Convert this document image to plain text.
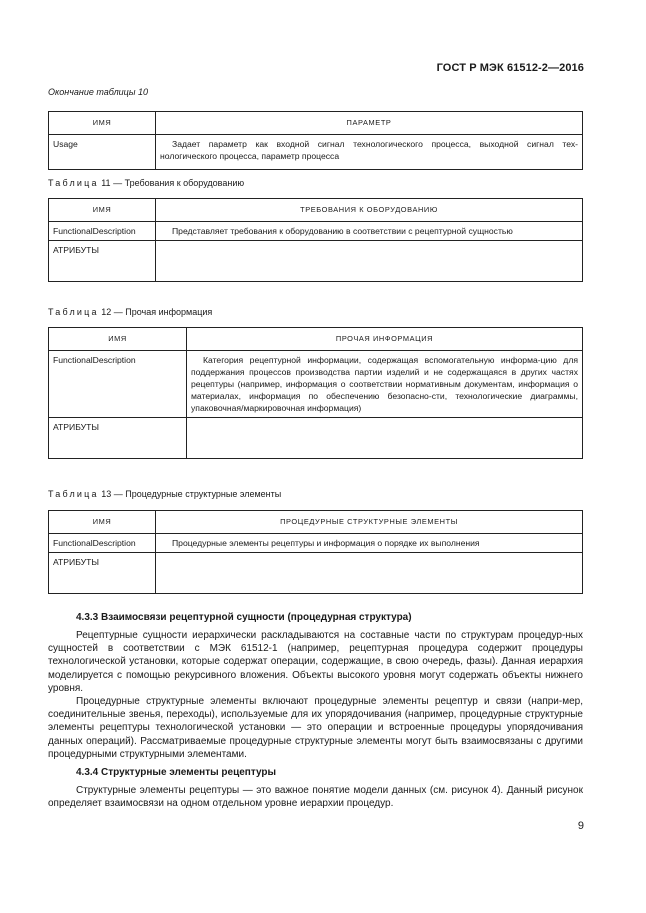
ГОСТ Р МЭК 61512-2—2016
Окончание таблицы 10
ИМЯ	ПАРАМЕТР
Usage	Задает параметр как входной сигнал технологического процесса, выходной сигнал тех-нологического процесса, параметр процесса
Таблица 11 — Требования к оборудованию
ИМЯ	ТРЕБОВАНИЯ К ОБОРУДОВАНИЮ
FunctionalDescription	Представляет требования к оборудованию в соответствии с рецептурной сущностью
АТРИБУТЫ	
Таблица 12 — Прочая информация
ИМЯ	ПРОЧАЯ ИНФОРМАЦИЯ
FunctionalDescription	Категория рецептурной информации, содержащая вспомогательную информа-цию для поддержания процессов производства партии изделий и не содержащаяся в других частях рецептуры (например, информация о соответствии нормативным документам, информация о материалах, информация по обеспечению безопасно-сти, технологические диаграммы, упаковочная/маркировочная информация)
АТРИБУТЫ	
Таблица 13 — Процедурные структурные элементы
ИМЯ	ПРОЦЕДУРНЫЕ СТРУКТУРНЫЕ ЭЛЕМЕНТЫ
FunctionalDescription	Процедурные элементы рецептуры и информация о порядке их выполнения
АТРИБУТЫ	
4.3.3 Взаимосвязи рецептурной сущности (процедурная структура)

Рецептурные сущности иерархически раскладываются на составные части по структурам процедур-ных сущностей в соответствии с МЭК 61512-1 (например, рецептурная процедура содержит процедуры технологической установки, которые содержат операции, содержащие, в свою очередь, фазы). Данная иерархия моделируется с помощью рекурсивного вложения. Объекты высокого уровня могут содержать объекты нижнего уровня.

Процедурные структурные элементы включают процедурные элементы рецептур и связи (напри-мер, соединительные звенья, переходы), используемые для их упорядочивания (например, процедурные структурные элементы рецептуры технологической установки — это операции и встроенные процедуры упорядочивания данных операций). Рассматриваемые процедурные структурные элементы могут быть взаимосвязаны с другими процедурными структурными элементами.

4.3.4 Структурные элементы рецептуры

Структурные элементы рецептуры — это важное понятие модели данных (см. рисунок 4). Данный рисунок определяет взаимосвязи на одном отдельном уровне иерархии процедур.

9
